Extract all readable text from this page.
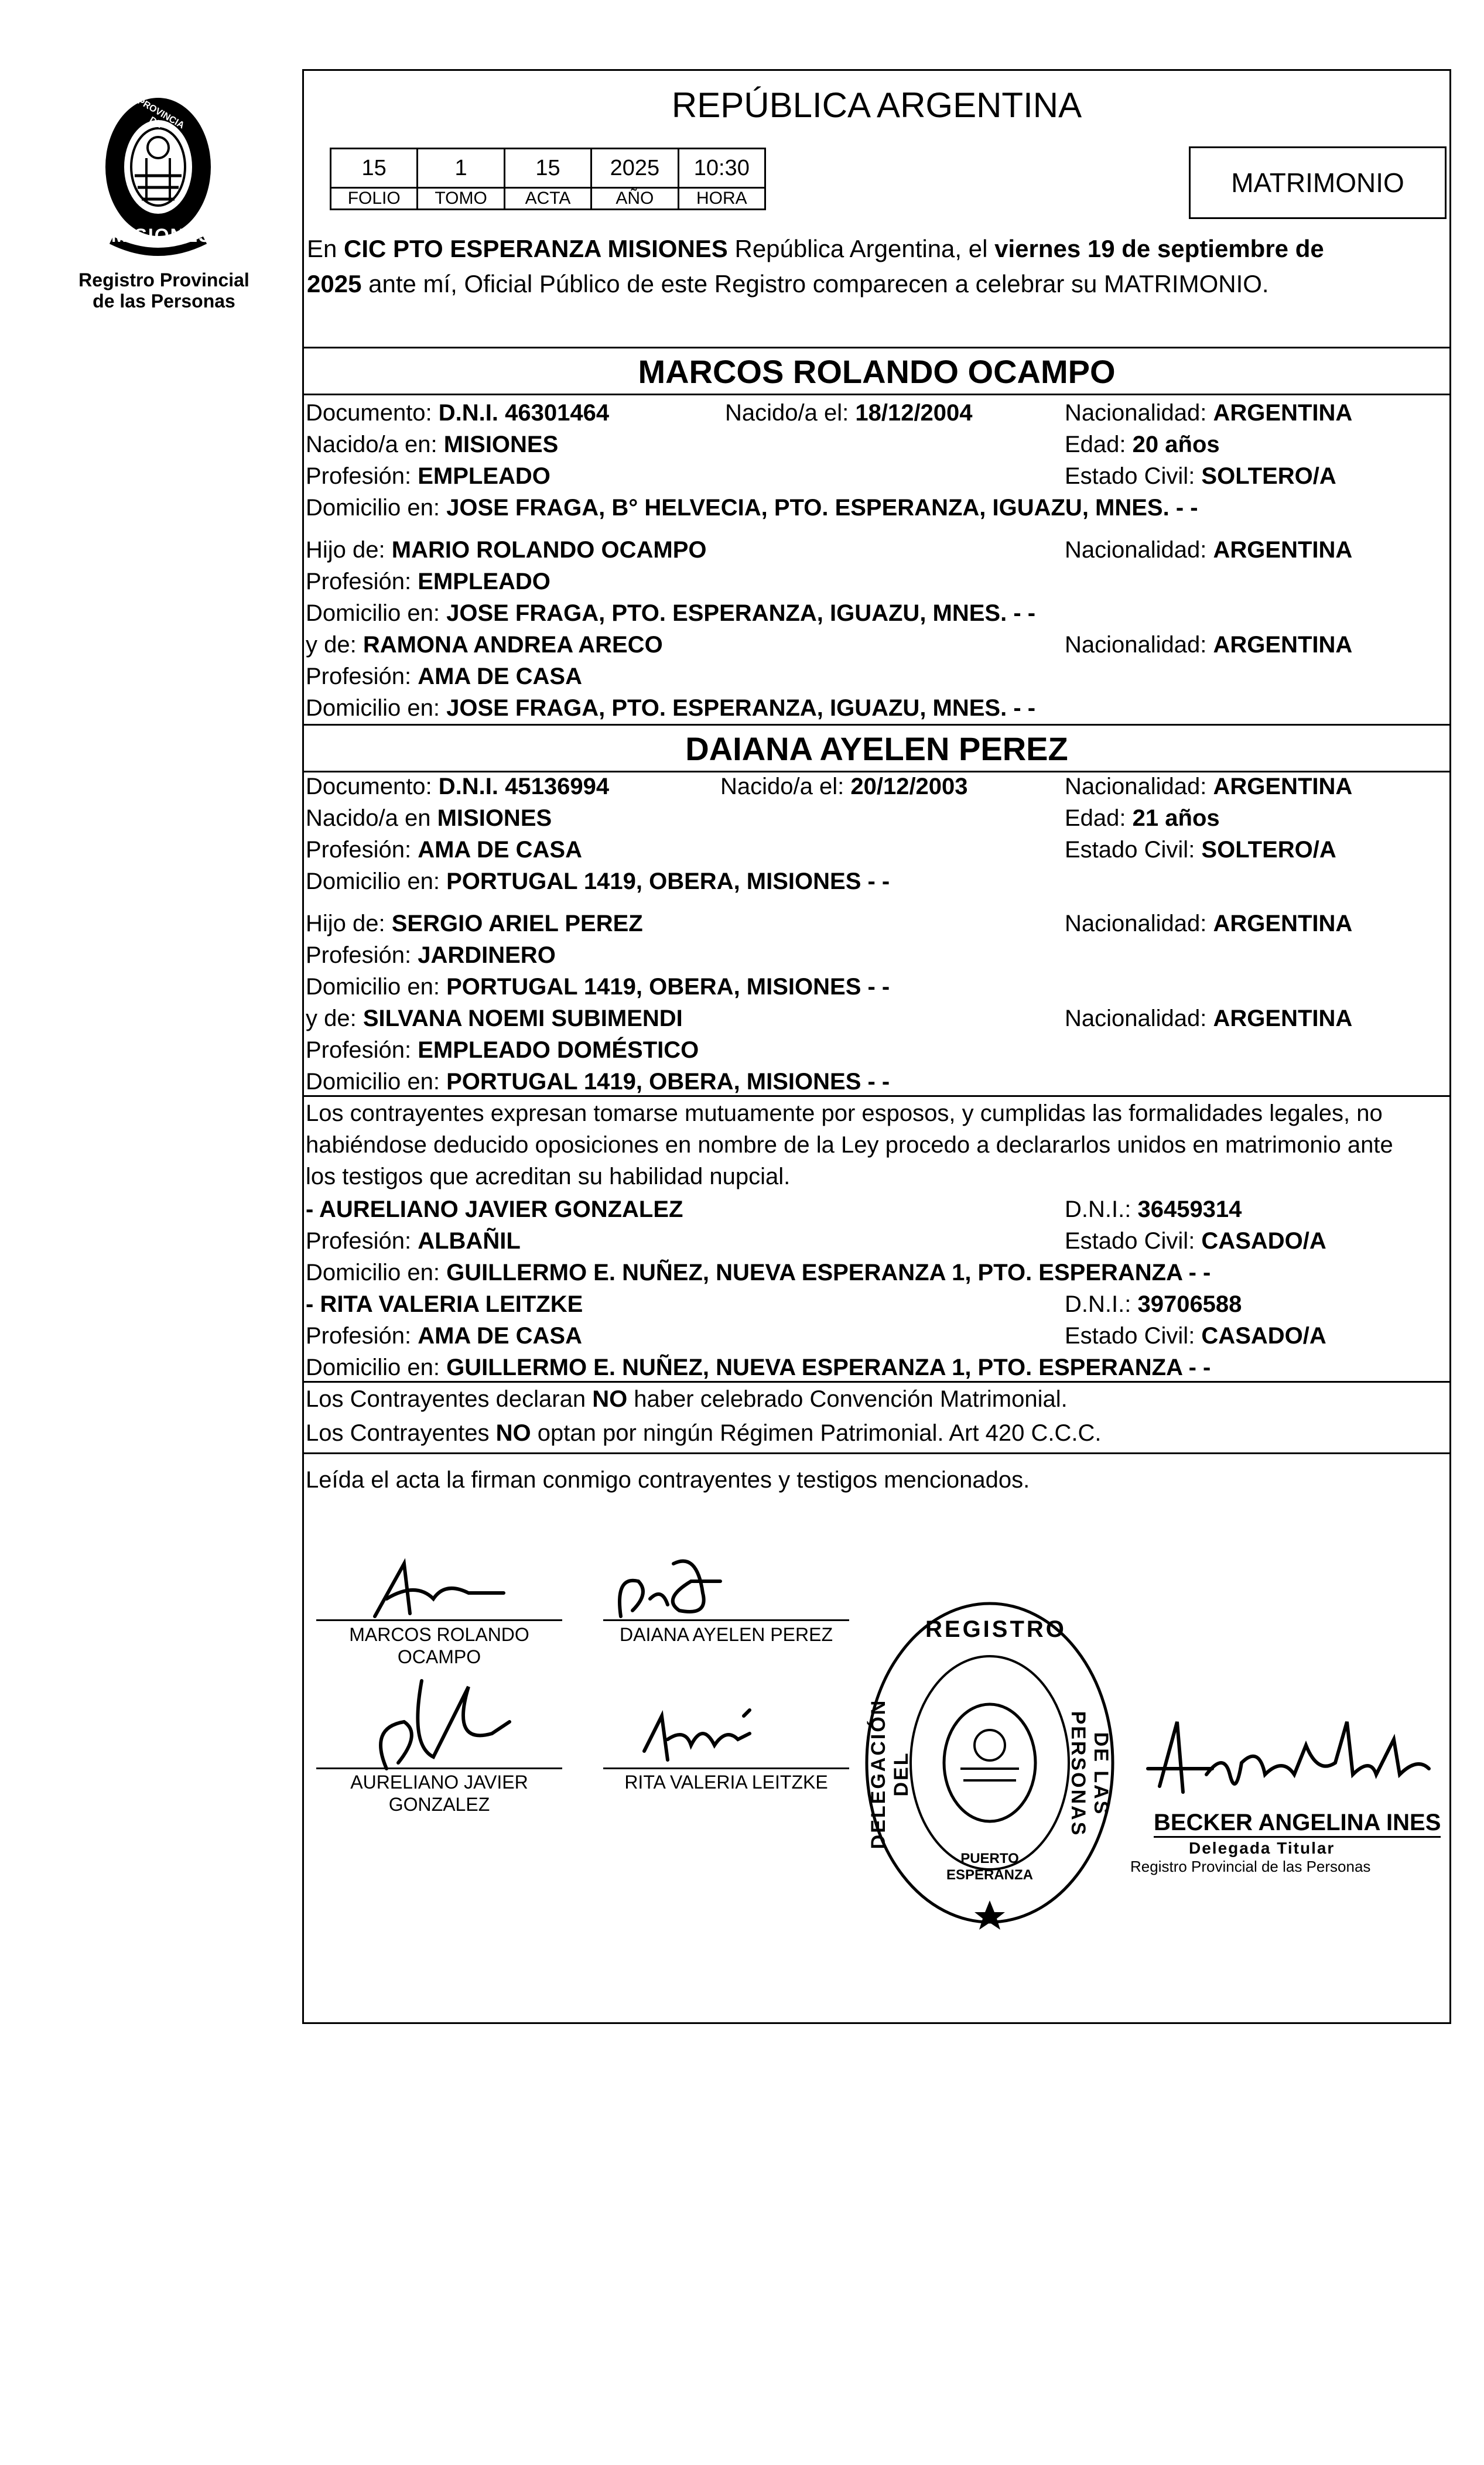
PROVINCIA DE
MISIONES
Registro Provincial
de las Personas
REPÚBLICA ARGENTINA
15	1	15	2025	10:30
FOLIO	TOMO	ACTA	AÑO	HORA
MATRIMONIO
En CIC PTO ESPERANZA MISIONES República Argentina, el viernes 19 de septiembre de
2025 ante mí, Oficial Público de este Registro comparecen a celebrar su MATRIMONIO.
MARCOS ROLANDO OCAMPO
Documento: D.N.I. 46301464	Nacido/a el: 18/12/2004	Nacionalidad: ARGENTINA
Nacido/a en: MISIONES	Edad: 20 años
Profesión: EMPLEADO	Estado Civil: SOLTERO/A
Domicilio en: JOSE FRAGA, B° HELVECIA, PTO. ESPERANZA, IGUAZU, MNES. - -
Hijo de: MARIO ROLANDO OCAMPO	Nacionalidad: ARGENTINA
Profesión: EMPLEADO
Domicilio en: JOSE FRAGA, PTO. ESPERANZA, IGUAZU, MNES. - -
y de: RAMONA ANDREA ARECO	Nacionalidad: ARGENTINA
Profesión: AMA DE CASA
Domicilio en: JOSE FRAGA, PTO. ESPERANZA, IGUAZU, MNES. - -
DAIANA AYELEN PEREZ
Documento: D.N.I. 45136994	Nacido/a el: 20/12/2003	Nacionalidad: ARGENTINA
Nacido/a en MISIONES	Edad: 21 años
Profesión: AMA DE CASA	Estado Civil: SOLTERO/A
Domicilio en: PORTUGAL 1419, OBERA, MISIONES - -
Hijo de: SERGIO ARIEL PEREZ	Nacionalidad: ARGENTINA
Profesión: JARDINERO
Domicilio en: PORTUGAL 1419, OBERA, MISIONES - -
y de: SILVANA NOEMI SUBIMENDI	Nacionalidad: ARGENTINA
Profesión: EMPLEADO DOMÉSTICO
Domicilio en: PORTUGAL 1419, OBERA, MISIONES - -
Los contrayentes expresan tomarse mutuamente por esposos, y cumplidas las formalidades legales, no
habiéndose deducido oposiciones en nombre de la Ley procedo a declararlos unidos en matrimonio ante
los testigos que acreditan su habilidad nupcial.
- AURELIANO JAVIER GONZALEZ	D.N.I.: 36459314
Profesión: ALBAÑIL	Estado Civil: CASADO/A
Domicilio en: GUILLERMO E. NUÑEZ, NUEVA ESPERANZA 1, PTO. ESPERANZA - -
- RITA VALERIA LEITZKE	D.N.I.: 39706588
Profesión: AMA DE CASA	Estado Civil: CASADO/A
Domicilio en: GUILLERMO E. NUÑEZ, NUEVA ESPERANZA 1, PTO. ESPERANZA - -
Los Contrayentes declaran NO haber celebrado Convención Matrimonial.
Los Contrayentes NO optan por ningún Régimen Patrimonial. Art 420 C.C.C.
Leída el acta la firman conmigo contrayentes y testigos mencionados.
MARCOS ROLANDO
OCAMPO
DAIANA AYELEN PEREZ
AURELIANO JAVIER
GONZALEZ
RITA VALERIA LEITZKE
REGISTRO
DELEGACIÓN DEL	DE LAS PERSONAS
PUERTO ESPERANZA
BECKER ANGELINA INES
Delegada Titular
Registro Provincial de las Personas
